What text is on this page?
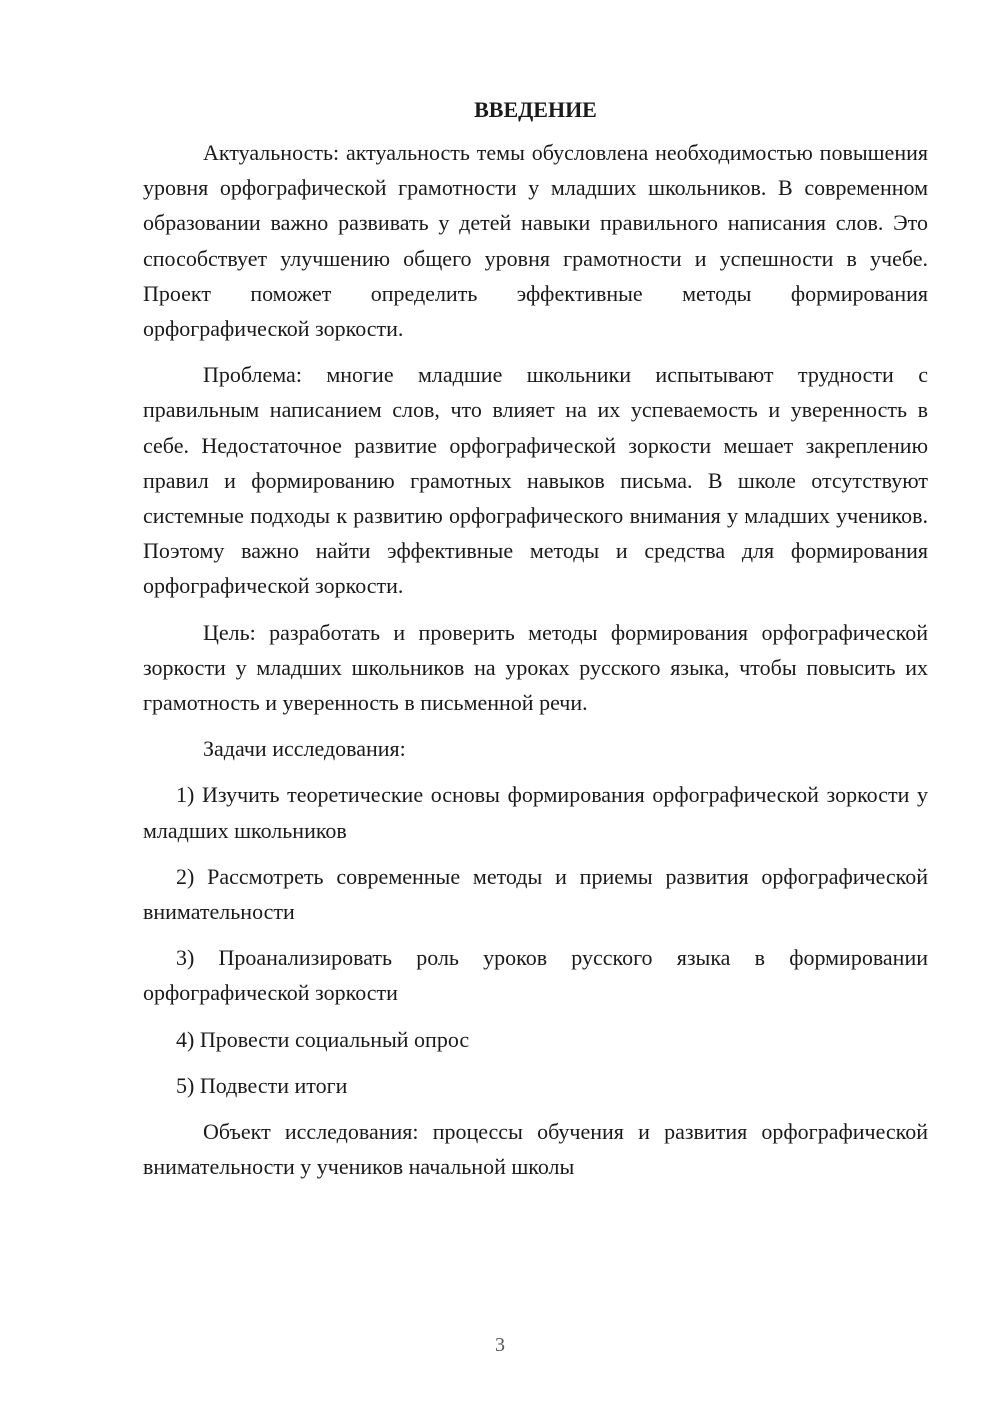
ВВЕДЕНИЕ

Актуальность: актуальность темы обусловлена необходимостью повышения уровня орфографической грамотности у младших школьников. В современном образовании важно развивать у детей навыки правильного написания слов. Это способствует улучшению общего уровня грамотности и успешности в учебе. Проект поможет определить эффективные методы формирования орфографической зоркости.

Проблема: многие младшие школьники испытывают трудности с правильным написанием слов, что влияет на их успеваемость и уверенность в себе. Недостаточное развитие орфографической зоркости мешает закреплению правил и формированию грамотных навыков письма. В школе отсутствуют системные подходы к развитию орфографического внимания у младших учеников. Поэтому важно найти эффективные методы и средства для формирования орфографической зоркости.

Цель: разработать и проверить методы формирования орфографической зоркости у младших школьников на уроках русского языка, чтобы повысить их грамотность и уверенность в письменной речи.

Задачи исследования:

1) Изучить теоретические основы формирования орфографической зоркости у младших школьников

2) Рассмотреть современные методы и приемы развития орфографической внимательности

3) Проанализировать роль уроков русского языка в формировании орфографической зоркости

4) Провести социальный опрос

5) Подвести итоги

Объект исследования: процессы обучения и развития орфографической внимательности у учеников начальной школы

3
